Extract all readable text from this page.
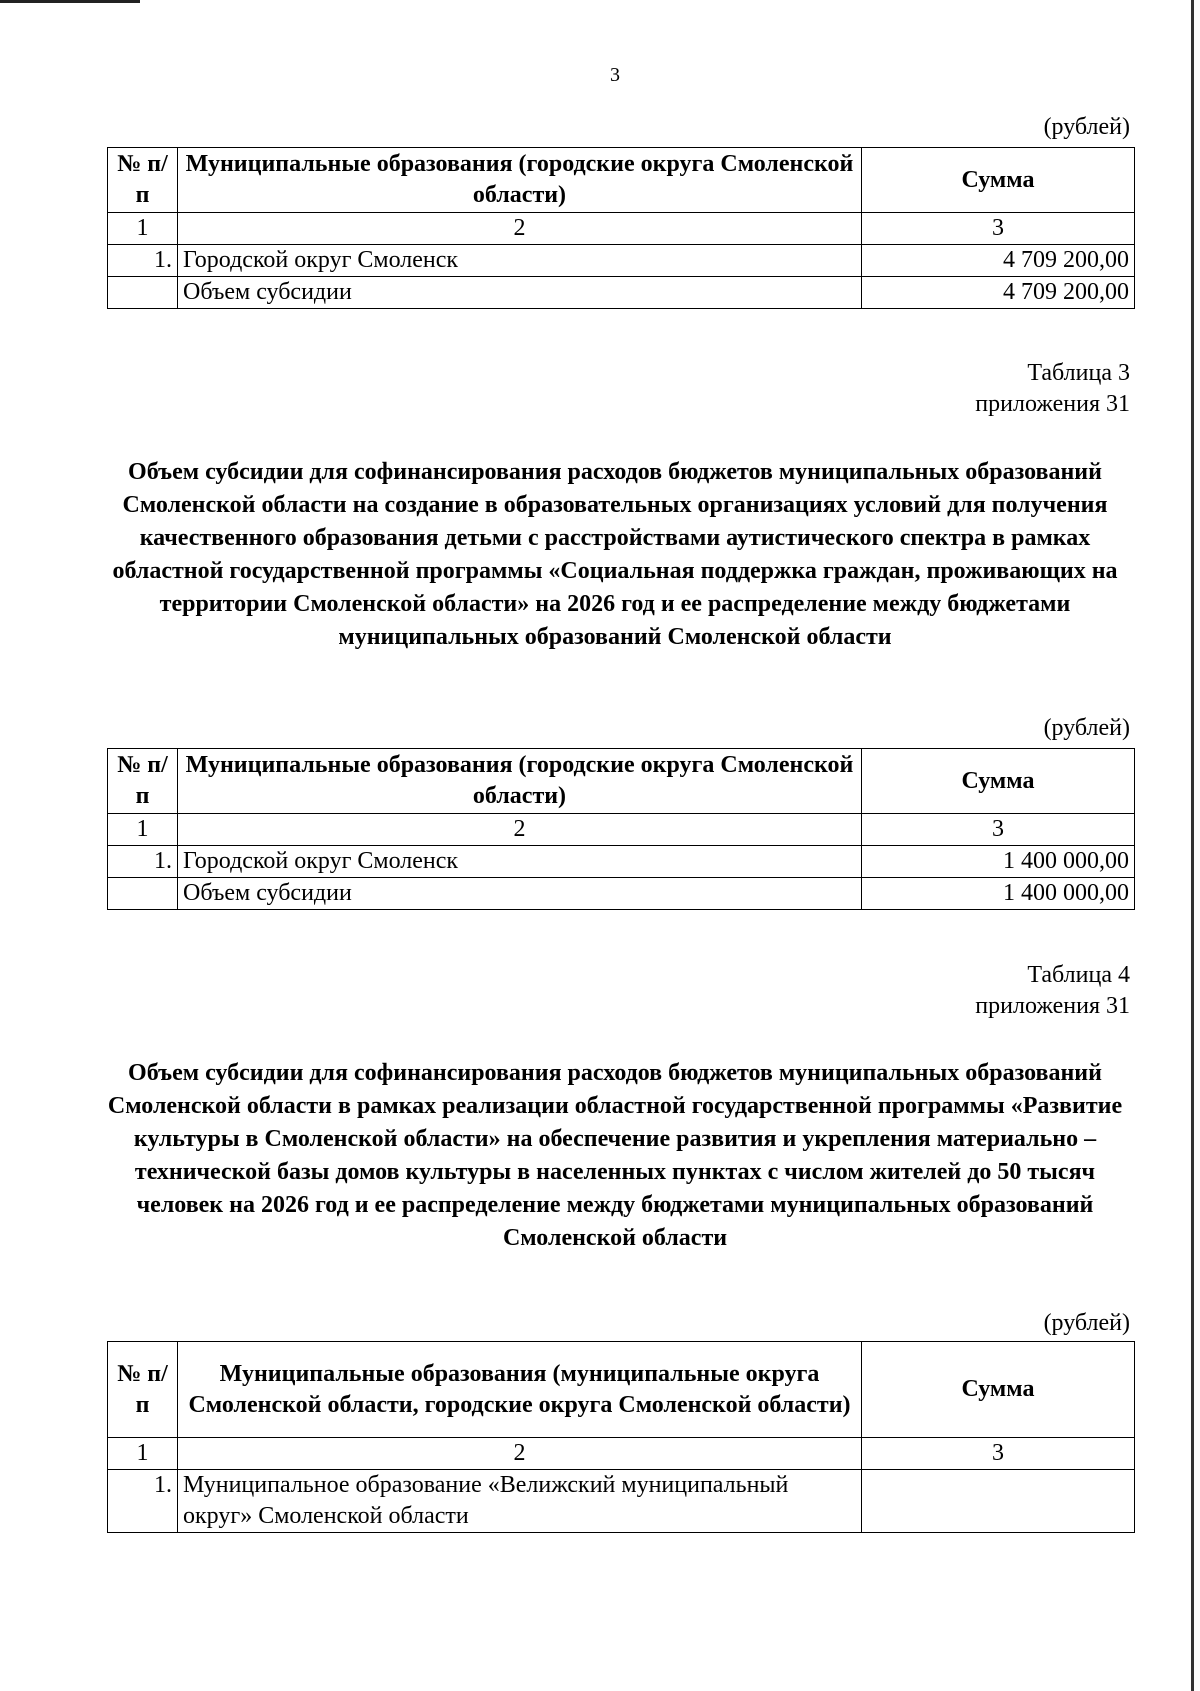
3
(рублей)
№ п/п	Муниципальные образования (городские округа Смоленской области)	Сумма
1	2	3
1.	Городской округ Смоленск	4 709 200,00
	Объем субсидии	4 709 200,00
Таблица 3
приложения 31
Объем субсидии для софинансирования расходов бюджетов муниципальных образований Смоленской области на создание в образовательных организациях условий для получения качественного образования детьми с расстройствами аутистического спектра в рамках областной государственной программы «Социальная поддержка граждан, проживающих на территории Смоленской области» на 2026 год и ее распределение между бюджетами муниципальных образований Смоленской области
(рублей)
№ п/п	Муниципальные образования (городские округа Смоленской области)	Сумма
1	2	3
1.	Городской округ Смоленск	1 400 000,00
	Объем субсидии	1 400 000,00
Таблица 4
приложения 31
Объем субсидии для софинансирования расходов бюджетов муниципальных образований Смоленской области в рамках реализации областной государственной программы «Развитие культуры в Смоленской области» на обеспечение развития и укрепления материально – технической базы домов культуры в населенных пунктах с числом жителей до 50 тысяч человек на 2026 год и ее распределение между бюджетами муниципальных образований Смоленской области
(рублей)
№ п/п	Муниципальные образования (муниципальные округа Смоленской области, городские округа Смоленской области)	Сумма
1	2	3
1.	Муниципальное образование «Велижский муниципальный округ» Смоленской области	
